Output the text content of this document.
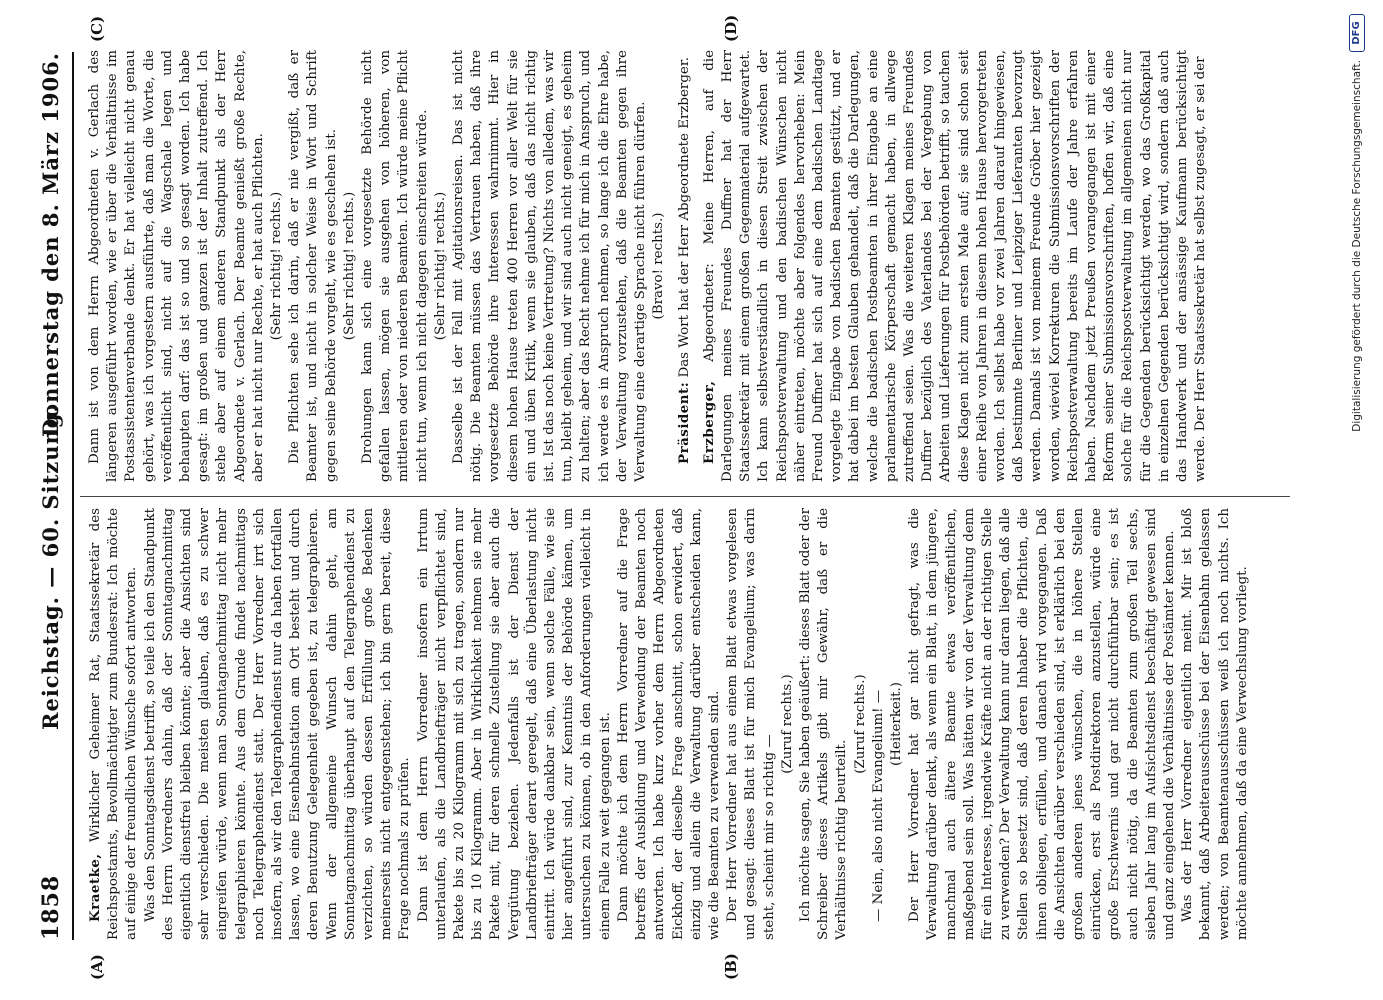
1858
Reichstag. — 60. Sitzung.
Donnerstag den 8. März 1906.
(A)	(B)
(C)	(D)

Kraetke, Wirklicher Geheimer Rat, Staatssekretär des Reichspostamts, Bevollmächtigter zum Bundesrat: Ich möchte auf einige der freundlichen Wünsche sofort antworten. Was den Sonntagsdienst betrifft, so teile ich den Standpunkt des Herrn Vorredners dahin, daß der Sonntagnachmittag eigentlich dienstfrei bleiben könnte; aber die Ansichten sind sehr verschieden. Die meisten glauben, daß es zu schwer eingreifen würde, wenn man Sonntagnachmittag nicht mehr telegraphieren könnte. Aus dem Grunde findet nachmittags noch Telegraphendienst statt. Der Herr Vorredner irrt sich insofern, als wir den Telegraphendienst nur da haben fortfallen lassen, wo eine Eisenbahnstation am Ort besteht und durch deren Benutzung Gelegenheit gegeben ist, zu telegraphieren. Wenn der allgemeine Wunsch dahin geht, am Sonntagnachmittag überhaupt auf den Telegraphendienst zu verzichten, so würden dessen Erfüllung große Bedenken meinerseits nicht entgegenstehen; ich bin gern bereit, diese Frage nochmals zu prüfen. Dann ist dem Herrn Vorredner insofern ein Irrtum unterlaufen, als die Landbriefträger nicht verpflichtet sind, Pakete bis zu 20 Kilogramm mit sich zu tragen, sondern nur bis zu 10 Kilogramm. Aber in Wirklichkeit nehmen sie mehr Pakete mit, für deren schnelle Zustellung sie aber auch die Vergütung beziehen. Jedenfalls ist der Dienst der Landbriefträger derart geregelt, daß eine Überlastung nicht eintritt. Ich würde dankbar sein, wenn solche Fälle, wie sie hier angeführt sind, zur Kenntnis der Behörde kämen, um untersuchen zu können, ob in den Anforderungen vielleicht in einem Falle zu weit gegangen ist. Dann möchte ich dem Herrn Vorredner auf die Frage betreffs der Ausbildung und Verwendung der Beamten noch antworten. Ich habe kurz vorher dem Herrn Abgeordneten Eickhoff, der dieselbe Frage anschnitt, schon erwidert, daß einzig und allein die Verwaltung darüber entscheiden kann, wie die Beamten zu verwenden sind. Der Herr Vorredner hat aus einem Blatt etwas vorgelesen und gesagt: dieses Blatt ist für mich Evangelium; was darin steht, scheint mir so richtig —

(Zuruf rechts.) Ich möchte sagen, Sie haben geäußert: dieses Blatt oder der Schreiber dieses Artikels gibt mir Gewähr, daß er die Verhältnisse richtig beurteilt.

(Zuruf rechts.) — Nein, also nicht Evangelium! — (Heiterkeit.) Der Herr Vorredner hat gar nicht gefragt, was die Verwaltung darüber denkt, als wenn ein Blatt, in dem jüngere, manchmal auch ältere Beamte etwas veröffentlichen, maßgebend sein soll. Was hätten wir von der Verwaltung denn für ein Interesse, irgendwie Kräfte nicht an der richtigen Stelle zu verwenden? Der Verwaltung kann nur daran liegen, daß alle Stellen so besetzt sind, daß deren Inhaber die Pflichten, die ihnen obliegen, erfüllen, und danach wird vorgegangen. Daß die Ansichten darüber verschieden sind, ist erklärlich bei den großen anderen jenes wünschen, die in höhere Stellen einrücken, erst als Postdirektoren anzustellen, würde eine große Erschwernis und gar nicht durchführbar sein; es ist auch nicht nötig, da die Beamten zum großen Teil sechs, sieben Jahr lang im Aufsichtsdienst beschäftigt gewesen sind und ganz eingehend die Verhältnisse der Postämter kennen. Was der Herr Vorredner eigentlich meint. Mir ist bloß bekannt, daß Arbeiterausschüsse bei der Eisenbahn gelassen werden; von Beamtenausschüssen weiß ich noch nichts. Ich möchte annehmen, daß da eine Verwechslung vorliegt.

Dann ist von dem Herrn Abgeordneten v. Gerlach des längeren ausgeführt worden, wie er über die Verhältnisse im Postassistentenverbande denkt. Er hat vielleicht nicht genau gehört, was ich vorgestern ausführte, daß man die Worte, die veröffentlicht sind, nicht auf die Wagschale legen und behaupten darf: das ist so und so gesagt worden. Ich habe gesagt: im großen und ganzen ist der Inhalt zutreffend. Ich stehe aber auf einem anderen Standpunkt als der Herr Abgeordnete v. Gerlach. Der Beamte genießt große Rechte, aber er hat nicht nur Rechte, er hat auch Pflichten. (Sehr richtig! rechts.) Die Pflichten sehe ich darin, daß er nie vergißt, daß er Beamter ist, und nicht in solcher Weise in Wort und Schrift gegen seine Behörde vorgeht, wie es geschehen ist. (Sehr richtig! rechts.) Drohungen kann sich eine vorgesetzte Behörde nicht gefallen lassen, mögen sie ausgehen von höheren, von mittleren oder von niederen Beamten. Ich würde meine Pflicht nicht tun, wenn ich nicht dagegen einschreiten würde. (Sehr richtig! rechts.) Dasselbe ist der Fall mit Agitationsreisen. Das ist nicht nötig. Die Beamten müssen das Vertrauen haben, daß ihre vorgesetzte Behörde ihre Interessen wahrnimmt. Hier in diesem hohen Hause treten 400 Herren vor aller Welt für sie ein und üben Kritik, wenn sie glauben, daß das nicht richtig ist. Ist das noch keine Vertretung? Nichts von alledem, was wir tun, bleibt geheim, und wir sind auch nicht geneigt, es geheim zu halten; aber das Recht nehme ich für mich in Anspruch, und ich werde es in Anspruch nehmen, so lange ich die Ehre habe, der Verwaltung vorzustehen, daß die Beamten gegen ihre Verwaltung eine derartige Sprache nicht führen dürfen. (Bravo! rechts.)

Präsident: Das Wort hat der Herr Abgeordnete Erzberger.

Erzberger, Abgeordneter: Meine Herren, auf die Darlegungen meines Freundes Duffner hat der Herr Staatssekretär mit einem großen Gegenmaterial aufgewartet. Ich kann selbstverständlich in diesen Streit zwischen der Reichspostverwaltung und den badischen Wünschen nicht näher eintreten, möchte aber folgendes hervorheben: Mein Freund Duffner hat sich auf eine dem badischen Landtage vorgelegte Eingabe von badischen Beamten gestützt, und er hat dabei im besten Glauben gehandelt, daß die Darlegungen, welche die badischen Postbeamten in ihrer Eingabe an eine parlamentarische Körperschaft gemacht haben, in allwege zutreffend seien. Was die weiteren Klagen meines Freundes Duffner bezüglich des Vaterlandes bei der Vergebung von Arbeiten und Lieferungen für Postbehörden betrifft, so tauchen diese Klagen nicht zum ersten Male auf; sie sind schon seit einer Reihe von Jahren in diesem hohen Hause hervorgetreten worden. Ich selbst habe vor zwei Jahren darauf hingewiesen, daß bestimmte Berliner und Leipziger Lieferanten bevorzugt werden. Damals ist von meinem Freunde Gröber hier gezeigt worden, wieviel Korrekturen die Submissionsvorschriften der Reichspostverwaltung bereits im Laufe der Jahre erfahren haben. Nachdem jetzt Preußen vorangegangen ist mit einer Reform seiner Submissionsvorschriften, hoffen wir, daß eine solche für die Reichspostverwaltung im allgemeinen nicht nur für die Gegenden berücksichtigt werden, wo das Großkapital in einzelnen Gegenden berücksichtigt wird, sondern daß auch das Handwerk und der ansässige Kaufmann berücksichtigt werde. Der Herr Staatssekretär hat selbst zugesagt, er sei der	Digitalisierung gefördert durch die Deutsche Forschungsgemeinschaft.
DFG
